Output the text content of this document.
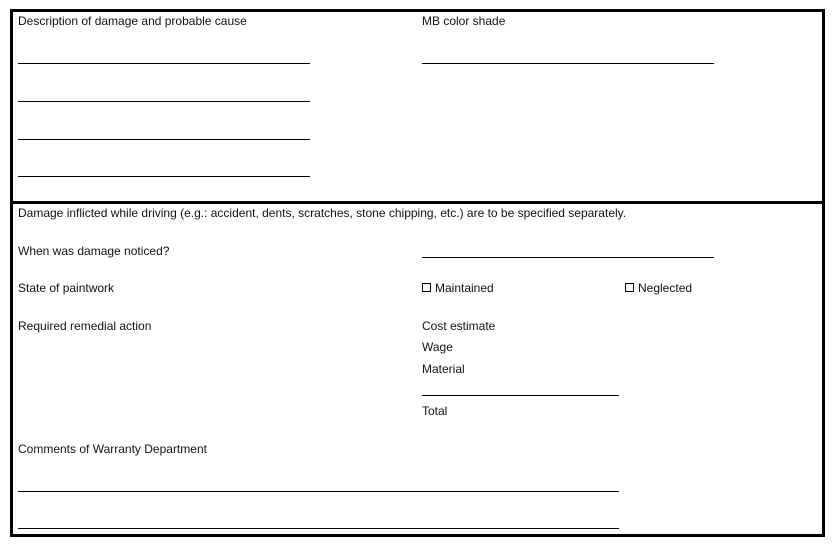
Description of damage and probable cause	MB color shade
Damage inflicted while driving (e.g.: accident, dents, scratches, stone chipping, etc.) are to be specified separately.
When was damage noticed?
State of paintwork	Maintained	Neglected
Required remedial action	Cost estimate
Wage
Material
Total
Comments of Warranty Department
